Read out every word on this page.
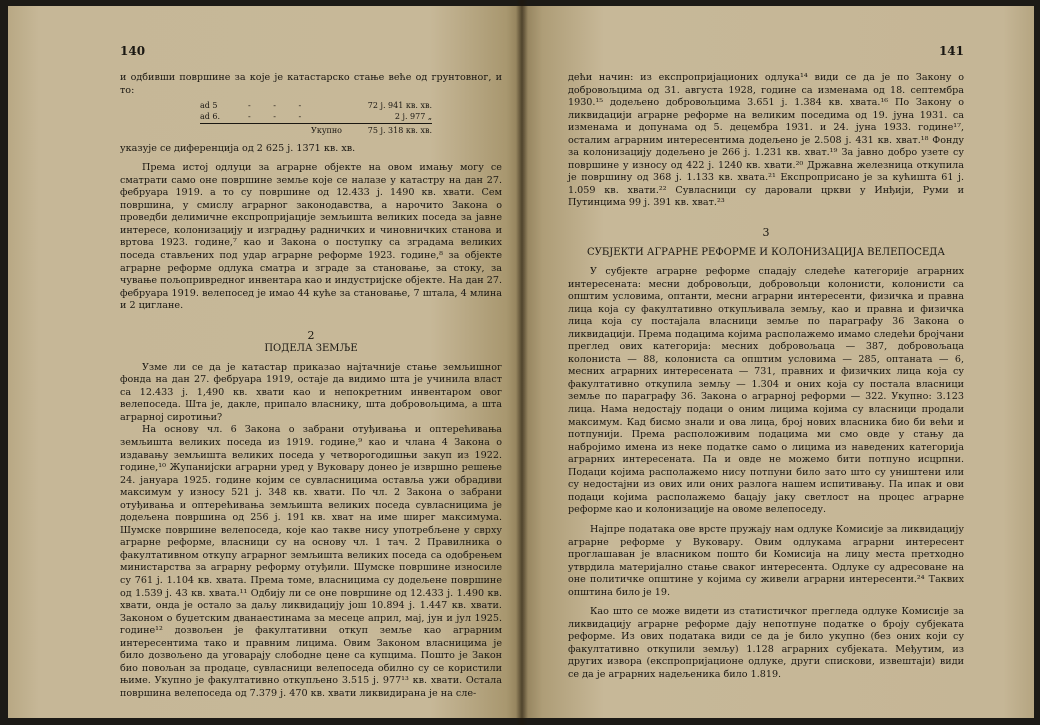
140

и одбивши површине за које је катастарско стање веће од грунтовног, и то:

ad 5	- - -	72 ј. 941 кв. хв.
ad 6.	- - -	2 ј. 977 „
Укупно	75 ј. 318 кв. хв.

указује се диференција од 2 625 ј. 1371 кв. хв.

Према истој одлуци за аграрне објекте на овом имању могу се сматрати само оне површине земље које се налазе у катастру на дан 27. фебруара 1919. а то су површине од 12.433 ј. 1490 кв. хвати. Сем површина, у смислу аграрног законодавства, а нарочито Закона о проведби делимичне експропријације земљишта великих поседа за јавне интересе, колонизацију и изградњу радничких и чиновничких станова и вртова 1923. године,⁷ као и Закона о поступку са зградама великих поседа стављених под удар аграрне реформе 1923. године,⁸ за објекте аграрне реформе одлука сматра и зграде за становање, за стоку, за чување пољопривредног инвентара као и индустријске објекте. На дан 27. фебруара 1919. велепосед је имао 44 куће за становање, 7 штала, 4 млина и 2 циглане.

2

ПОДЕЛА ЗЕМЉЕ

Узме ли се да је катастар приказао најтачније стање земљишног фонда на дан 27. фебруара 1919, остаје да видимо шта је учинила власт са 12.433 ј. 1,490 кв. хвати као и непокретним инвентаром овог велепоседа. Шта је, дакле, припало власнику, шта добровољцима, а шта аграрној сиротињи?

На основу чл. 6 Закона о забрани отуђивања и оптерећивања земљишта великих поседа из 1919. године,⁹ као и члана 4 Закона о издавању земљишта великих поседа у четворогодишњи закуп из 1922. године,¹⁰ Жупанијски аграрни уред у Вуковару донео је извршно решење 24. јануара 1925. године којим се сувласницима оставља ужи обрадиви максимум у износу 521 ј. 348 кв. хвати. По чл. 2 Закона о забрани отуђивања и оптерећивања земљишта великих поседа сувласницима је додељена површина од 256 ј. 191 кв. хват на име ширег максимума. Шумске површине велепоседа, које као такве нису употребљене у сврху аграрне реформе, власници су на основу чл. 1 тач. 2 Правилника о факултативном откупу аграрног земљишта великих поседа са одобрењем министарства за аграрну реформу отуђили. Шумске површине износиле су 761 ј. 1.104 кв. хвата. Према томе, власницима су додељене површине од 1.539 ј. 43 кв. хвата.¹¹ Одбију ли се оне површине од 12.433 ј. 1.490 кв. хвати, онда је остало за даљу ликвидацију још 10.894 ј. 1.447 кв. хвати. Законом о буџетским дванаестинама за месеце април, мај, јун и јул 1925. године¹² дозвољен је факултативни откуп земље као аграрним интересентима тако и правним лицима. Овим Законом власницима је било дозвољено да уговарају слободне цене са купцима. Пошто је Закон био повољан за продаце, сувласници велепоседа обилно су се користили њиме. Укупно је факултативно откупљено 3.515 ј. 977¹³ кв. хвати. Остала површина велепоседа од 7.379 ј. 470 кв. хвати ликвидирана је на сле-

141

дећи начин: из експропријационих одлука¹⁴ види се да је по Закону о добровољцима од 31. августа 1928, године са изменама од 18. септембра 1930.¹⁵ додељено добровољцима 3.651 ј. 1.384 кв. хвата.¹⁶ По Закону о ликвидацији аграрне реформе на великим поседима од 19. јуна 1931. са изменама и допунама од 5. децембра 1931. и 24. јуна 1933. године¹⁷, осталим аграрним интересентима додељено је 2.508 ј. 431 кв. хват.¹⁸ Фонду за колонизацију додељено је 266 ј. 1.231 кв. хват.¹⁹ За јавно добро узете су површине у износу од 422 ј. 1240 кв. хвати.²⁰ Државна железница откупила је површину од 368 ј. 1.133 кв. хвата.²¹ Експроприсано је за кућишта 61 ј. 1.059 кв. хвати.²² Сувласници су даровали цркви у Инђији, Руми и Путинцима 99 ј. 391 кв. хват.²³

3

СУБЈЕКТИ АГРАРНЕ РЕФОРМЕ И КОЛОНИЗАЦИЈА ВЕЛЕПОСЕДА

У субјекте аграрне реформе спадају следеће категорије аграрних интересената: месни добровољци, добровољци колонисти, колонисти са општим условима, оптанти, месни аграрни интересенти, физичка и правна лица која су факултативно откупљивала земљу, као и правна и физичка лица која су постајала власници земље по параграфу 36 Закона о ликвидацији. Према подацима којима располажемо имамо следећи бројчани преглед ових категорија: месних добровољаца — 387, добровољаца колониста — 88, колониста са општим условима — 285, оптаната — 6, месних аграрних интересената — 731, правних и физичких лица која су факултативно откупила земљу — 1.304 и оних која су постала власници земље по параграфу 36. Закона о аграрној реформи — 322. Укупно: 3.123 лица. Нама недостају подаци о оним лицима којима су власници продали максимум. Кад бисмо знали и ова лица, број нових власника био би већи и потпунији. Према расположивим подацима ми смо овде у стању да набројимо имена из неке податке само о лицима из наведених категорија аграрних интересената. Па и овде не можемо бити потпуно исцрпни. Подаци којима располажемо нису потпуни било зато што су уништени или су недостајни из ових или оних разлога нашем испитивању. Па ипак и ови подаци којима располажемо бацају јаку светлост на процес аграрне реформе као и колонизације на овоме велепоседу.

Најпре података ове врсте пружају нам одлуке Комисије за ликвидацију аграрне реформе у Вуковару. Овим одлукама аграрни интересент проглашаван је власником пошто би Комисија на лицу места претходно утврдила материјално стање сваког интересента. Одлуке су адресоване на оне политичке општине у којима су живели аграрни интересенти.²⁴ Таквих општина било је 19.

Као што се може видети из статистичког прегледа одлуке Комисије за ликвидацију аграрне реформе дају непотпуне податке о броју субјеката реформе. Из ових података види се да је било укупно (без оних који су факултативно откупили земљу) 1.128 аграрних субјеката. Међутим, из других извора (експропријационе одлуке, други спискови, извештаји) види се да је аграрних надељеника било 1.819.
